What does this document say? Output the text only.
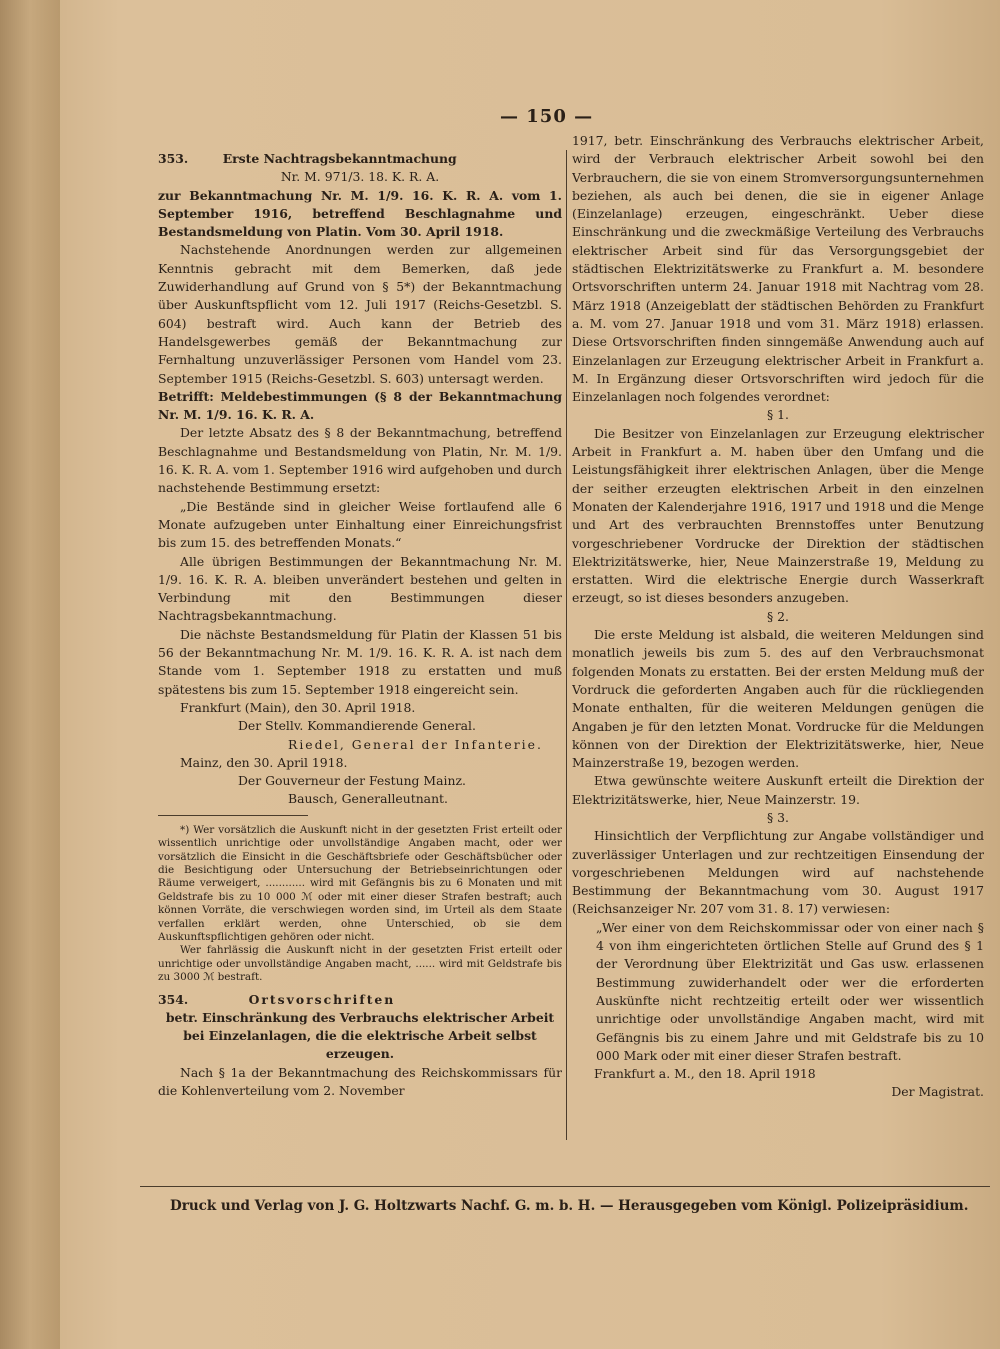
— 150 —

353.	Erste Nachtragsbekanntmachung

Nr. M. 971/3. 18. K. R. A.

zur Bekanntmachung Nr. M. 1/9. 16. K. R. A. vom 1. September 1916, betreffend Beschlagnahme und Bestandsmeldung von Platin. Vom 30. April 1918.

Nachstehende Anordnungen werden zur allgemeinen Kenntnis gebracht mit dem Bemerken, daß jede Zuwiderhandlung auf Grund von § 5*) der Bekanntmachung über Auskunftspflicht vom 12. Juli 1917 (Reichs-Gesetzbl. S. 604) bestraft wird. Auch kann der Betrieb des Handelsgewerbes gemäß der Bekanntmachung zur Fernhaltung unzuverlässiger Personen vom Handel vom 23. September 1915 (Reichs-Gesetzbl. S. 603) untersagt werden.

Betrifft: Meldebestimmungen (§ 8 der Bekanntmachung Nr. M. 1/9. 16. K. R. A.

Der letzte Absatz des § 8 der Bekanntmachung, betreffend Beschlagnahme und Bestandsmeldung von Platin, Nr. M. 1/9. 16. K. R. A. vom 1. September 1916 wird aufgehoben und durch nachstehende Bestimmung ersetzt:

„Die Bestände sind in gleicher Weise fortlaufend alle 6 Monate aufzugeben unter Einhaltung einer Einreichungsfrist bis zum 15. des betreffenden Monats.“

Alle übrigen Bestimmungen der Bekanntmachung Nr. M. 1/9. 16. K. R. A. bleiben unverändert bestehen und gelten in Verbindung mit den Bestimmungen dieser Nachtragsbekanntmachung.

Die nächste Bestandsmeldung für Platin der Klassen 51 bis 56 der Bekanntmachung Nr. M. 1/9. 16. K. R. A. ist nach dem Stande vom 1. September 1918 zu erstatten und muß spätestens bis zum 15. September 1918 eingereicht sein.

Frankfurt (Main), den 30. April 1918.

Der Stellv. Kommandierende General.

Riedel, General der Infanterie.

Mainz, den 30. April 1918.

Der Gouverneur der Festung Mainz.

Bausch, Generalleutnant.

*) Wer vorsätzlich die Auskunft nicht in der gesetzten Frist erteilt oder wissentlich unrichtige oder unvollständige Angaben macht, oder wer vorsätzlich die Einsicht in die Geschäftsbriefe oder Geschäftsbücher oder die Besichtigung oder Untersuchung der Betriebseinrichtungen oder Räume verweigert, ............ wird mit Gefängnis bis zu 6 Monaten und mit Geldstrafe bis zu 10 000 ℳ oder mit einer dieser Strafen bestraft; auch können Vorräte, die verschwiegen worden sind, im Urteil als dem Staate verfallen erklärt werden, ohne Unterschied, ob sie dem Auskunftspflichtigen gehören oder nicht.

Wer fahrlässig die Auskunft nicht in der gesetzten Frist erteilt oder unrichtige oder unvollständige Angaben macht, ...... wird mit Geldstrafe bis zu 3000 ℳ bestraft.

354.	Ortsvorschriften

betr. Einschränkung des Verbrauchs elektrischer Arbeit bei Einzelanlagen, die die elektrische Arbeit selbst erzeugen.

Nach § 1a der Bekanntmachung des Reichskommissars für die Kohlenverteilung vom 2. November

1917, betr. Einschränkung des Verbrauchs elektrischer Arbeit, wird der Verbrauch elektrischer Arbeit sowohl bei den Verbrauchern, die sie von einem Stromversorgungsunternehmen beziehen, als auch bei denen, die sie in eigener Anlage (Einzelanlage) erzeugen, eingeschränkt. Ueber diese Einschränkung und die zweckmäßige Verteilung des Verbrauchs elektrischer Arbeit sind für das Versorgungsgebiet der städtischen Elektrizitätswerke zu Frankfurt a. M. besondere Ortsvorschriften unterm 24. Januar 1918 mit Nachtrag vom 28. März 1918 (Anzeigeblatt der städtischen Behörden zu Frankfurt a. M. vom 27. Januar 1918 und vom 31. März 1918) erlassen. Diese Ortsvorschriften finden sinngemäße Anwendung auch auf Einzelanlagen zur Erzeugung elektrischer Arbeit in Frankfurt a. M. In Ergänzung dieser Ortsvorschriften wird jedoch für die Einzelanlagen noch folgendes verordnet:

§ 1.

Die Besitzer von Einzelanlagen zur Erzeugung elektrischer Arbeit in Frankfurt a. M. haben über den Umfang und die Leistungsfähigkeit ihrer elektrischen Anlagen, über die Menge der seither erzeugten elektrischen Arbeit in den einzelnen Monaten der Kalenderjahre 1916, 1917 und 1918 und die Menge und Art des verbrauchten Brennstoffes unter Benutzung vorgeschriebener Vordrucke der Direktion der städtischen Elektrizitätswerke, hier, Neue Mainzerstraße 19, Meldung zu erstatten. Wird die elektrische Energie durch Wasserkraft erzeugt, so ist dieses besonders anzugeben.

§ 2.

Die erste Meldung ist alsbald, die weiteren Meldungen sind monatlich jeweils bis zum 5. des auf den Verbrauchsmonat folgenden Monats zu erstatten. Bei der ersten Meldung muß der Vordruck die geforderten Angaben auch für die rückliegenden Monate enthalten, für die weiteren Meldungen genügen die Angaben je für den letzten Monat. Vordrucke für die Meldungen können von der Direktion der Elektrizitätswerke, hier, Neue Mainzerstraße 19, bezogen werden.

Etwa gewünschte weitere Auskunft erteilt die Direktion der Elektrizitätswerke, hier, Neue Mainzerstr. 19.

§ 3.

Hinsichtlich der Verpflichtung zur Angabe vollständiger und zuverlässiger Unterlagen und zur rechtzeitigen Einsendung der vorgeschriebenen Meldungen wird auf nachstehende Bestimmung der Bekanntmachung vom 30. August 1917 (Reichsanzeiger Nr. 207 vom 31. 8. 17) verwiesen:

„Wer einer von dem Reichskommissar oder von einer nach § 4 von ihm eingerichteten örtlichen Stelle auf Grund des § 1 der Verordnung über Elektrizität und Gas usw. erlassenen Bestimmung zuwiderhandelt oder wer die erforderten Auskünfte nicht rechtzeitig erteilt oder wer wissentlich unrichtige oder unvollständige Angaben macht, wird mit Gefängnis bis zu einem Jahre und mit Geldstrafe bis zu 10 000 Mark oder mit einer dieser Strafen bestraft.

Frankfurt a. M., den 18. April 1918

Der Magistrat.

Druck und Verlag von J. G. Holtzwarts Nachf. G. m. b. H. — Herausgegeben vom Königl. Polizeipräsidium.
